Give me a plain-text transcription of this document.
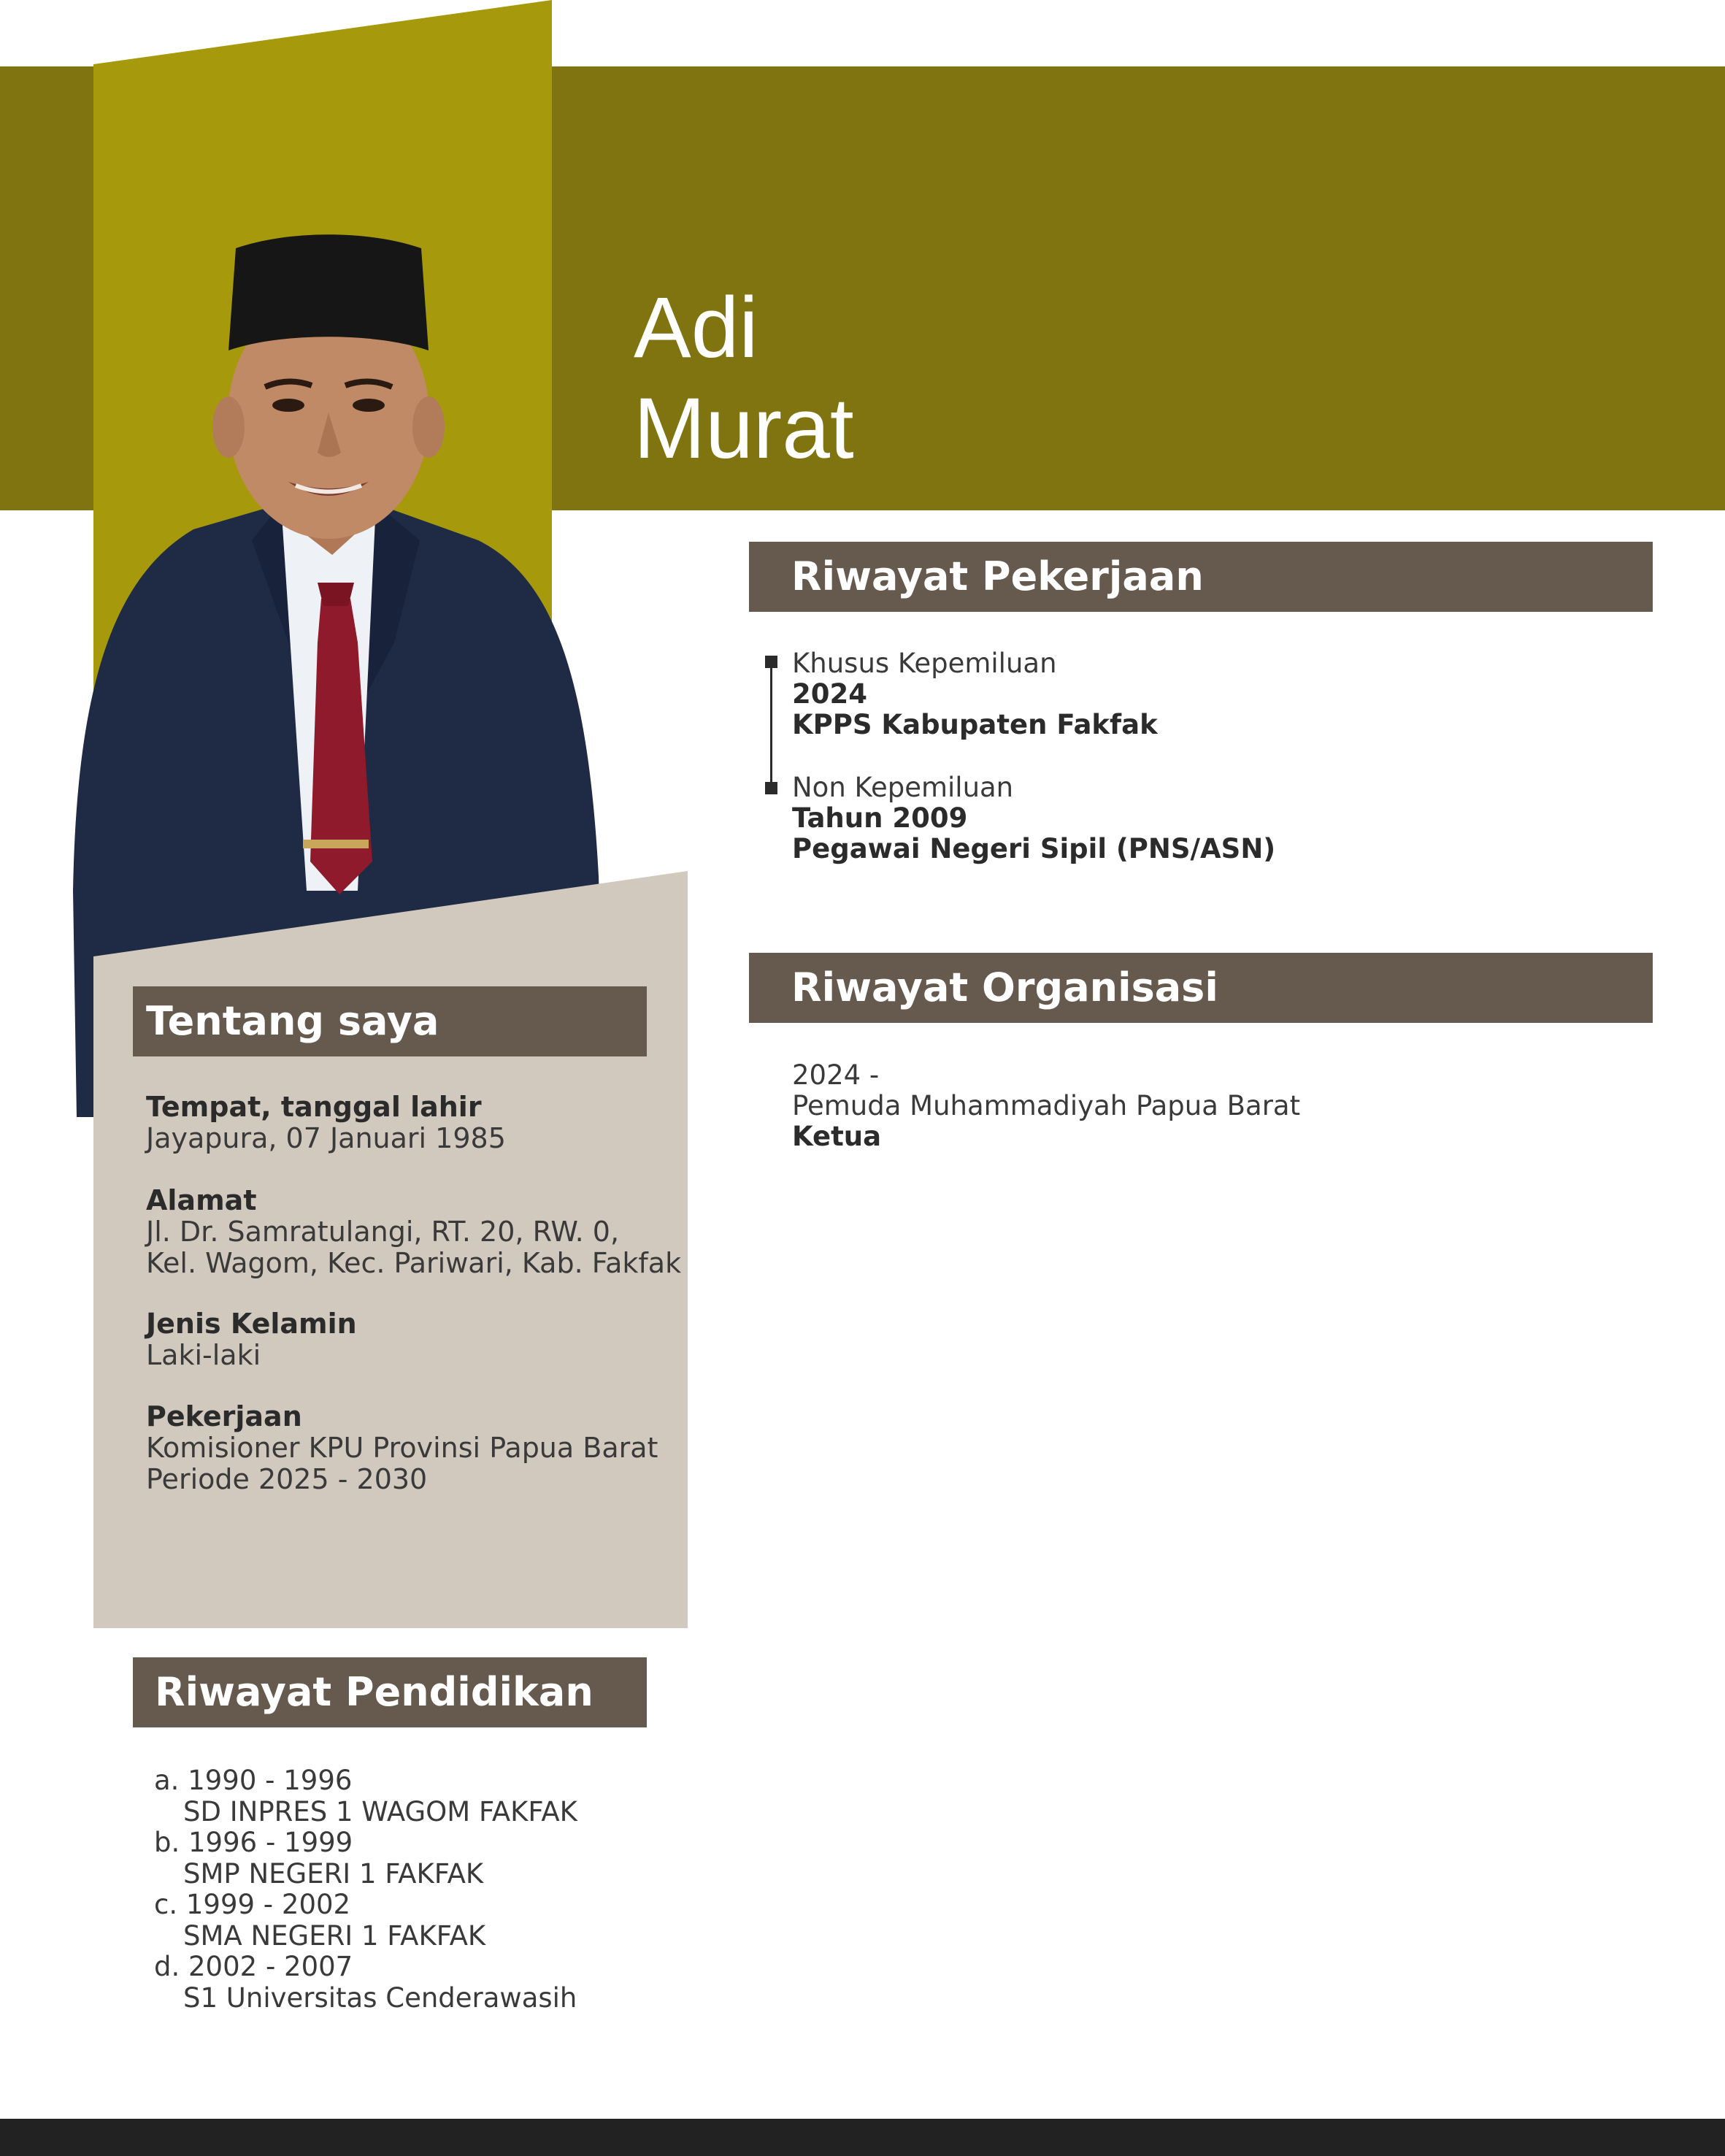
Adi
Murat
Tentang saya
Tempat, tanggal lahir
Jayapura, 07 Januari 1985
Alamat
Jl. Dr. Samratulangi, RT. 20, RW. 0,
Kel. Wagom, Kec. Pariwari, Kab. Fakfak
Jenis Kelamin
Laki-laki
Pekerjaan
Komisioner KPU Provinsi Papua Barat
Periode 2025 - 2030
Riwayat Pendidikan
a. 1990 - 1996
SD INPRES 1 WAGOM FAKFAK
b. 1996 - 1999
SMP NEGERI 1 FAKFAK
c. 1999 - 2002
SMA NEGERI 1 FAKFAK
d. 2002 - 2007
S1 Universitas Cenderawasih
Riwayat Pekerjaan
Khusus Kepemiluan
2024
KPPS Kabupaten Fakfak
Non Kepemiluan
Tahun 2009
Pegawai Negeri Sipil (PNS/ASN)
Riwayat Organisasi
2024 -
Pemuda Muhammadiyah Papua Barat
Ketua
